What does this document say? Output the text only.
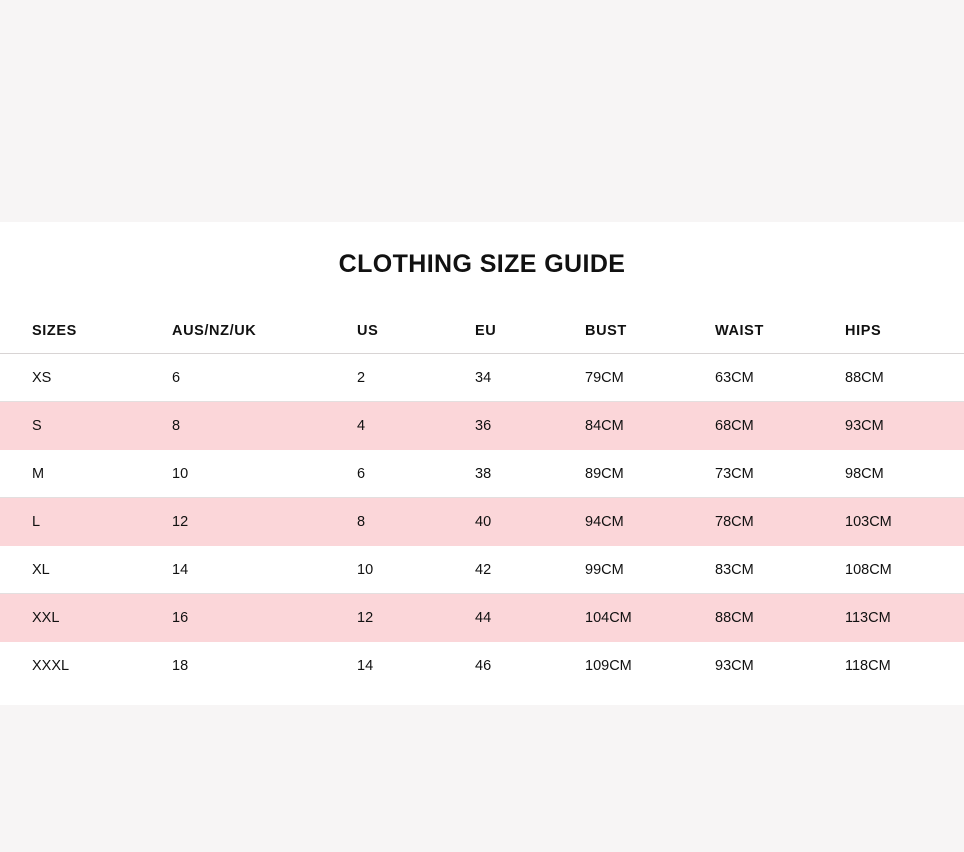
CLOTHING SIZE GUIDE
SIZES	AUS/NZ/UK	US	EU	BUST	WAIST	HIPS
XS	6	2	34	79CM	63CM	88CM
S	8	4	36	84CM	68CM	93CM
M	10	6	38	89CM	73CM	98CM
L	12	8	40	94CM	78CM	103CM
XL	14	10	42	99CM	83CM	108CM
XXL	16	12	44	104CM	88CM	113CM
XXXL	18	14	46	109CM	93CM	118CM
